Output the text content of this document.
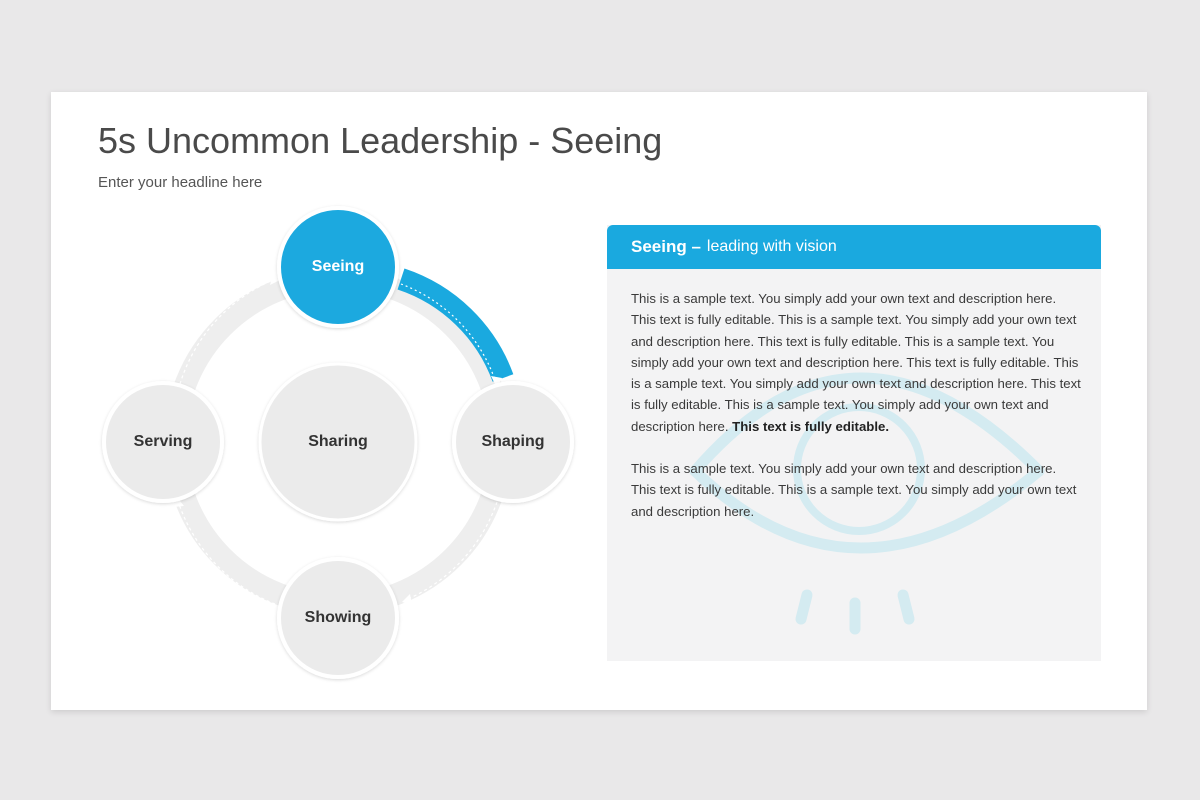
5s Uncommon Leadership - Seeing
Enter your headline here
Sharing
Seeing
Shaping
Showing
Serving
Seeing – leading with vision

This is a sample text. You simply add your own text and description here. This text is fully editable. This is a sample text. You simply add your own text and description here. This text is fully editable. This is a sample text. You simply add your own text and description here. This text is fully editable. This is a sample text. You simply add your own text and description here. This text is fully editable. This is a sample text. You simply add your own text and description here. This text is fully editable.

This is a sample text. You simply add your own text and description here. This text is fully editable. This is a sample text. You simply add your own text and description here.
